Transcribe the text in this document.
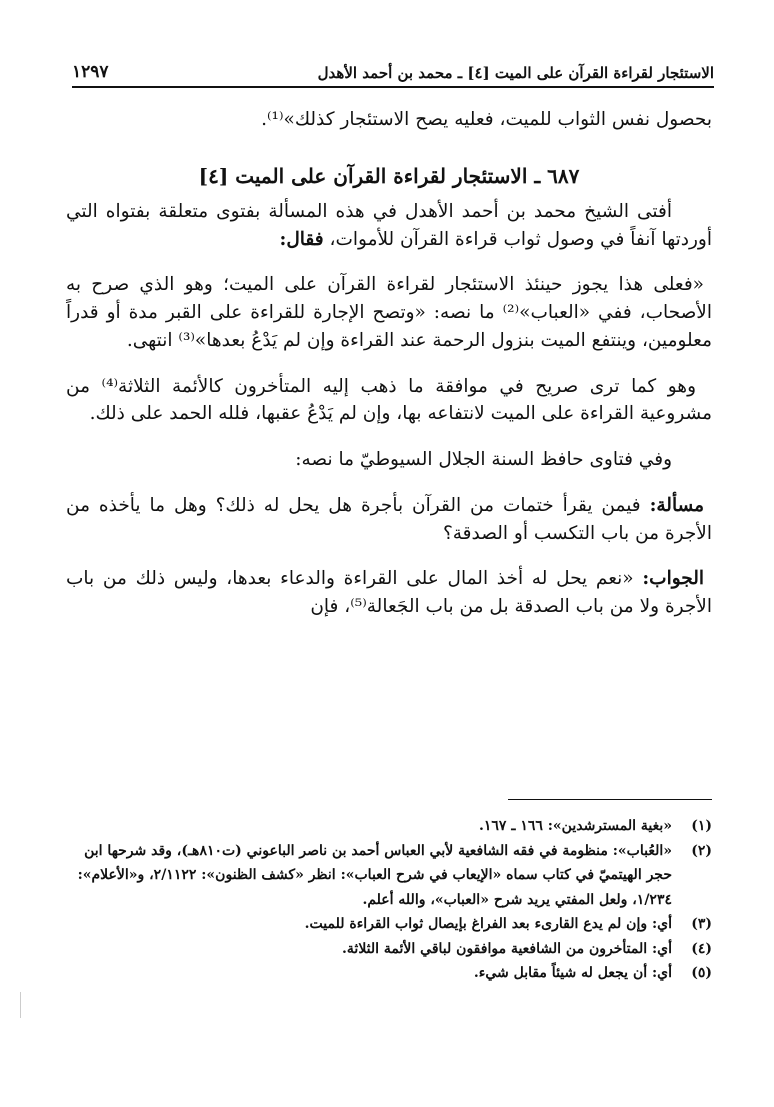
الاستئجار لقراءة القرآن على الميت [٤] ـ محمد بن أحمد الأهدل
١٢٩٧

بحصول نفس الثواب للميت، فعليه يصح الاستئجار كذلك»⁽¹⁾.

٦٨٧ ـ الاستئجار لقراءة القرآن على الميت [٤]

أفتى الشيخ محمد بن أحمد الأهدل في هذه المسألة بفتوى متعلقة بفتواه التي أوردتها آنفاً في وصول ثواب قراءة القرآن للأموات، فقال:

«فعلى هذا يجوز حينئذ الاستئجار لقراءة القرآن على الميت؛ وهو الذي صرح به الأصحاب، ففي «العباب»⁽²⁾ ما نصه: «وتصح الإجارة للقراءة على القبر مدة أو قدراً معلومين، وينتفع الميت بنزول الرحمة عند القراءة وإن لم يَدْعُ بعدها»⁽³⁾ انتهى.

وهو كما ترى صريح في موافقة ما ذهب إليه المتأخرون كالأئمة الثلاثة⁽⁴⁾ من مشروعية القراءة على الميت لانتفاعه بها، وإن لم يَدْعُ عقبها، فلله الحمد على ذلك.

وفي فتاوى حافظ السنة الجلال السيوطيّ ما نصه:

مسألة: فيمن يقرأ ختمات من القرآن بأجرة هل يحل له ذلك؟ وهل ما يأخذه من الأجرة من باب التكسب أو الصدقة؟

الجواب: «نعم يحل له أخذ المال على القراءة والدعاء بعدها، وليس ذلك من باب الأجرة ولا من باب الصدقة بل من باب الجَعالة⁽⁵⁾، فإن

(١)
«بغية المسترشدين»: ١٦٦ ـ ١٦٧.
(٢)
«العُباب»: منظومة في فقه الشافعية لأبي العباس أحمد بن ناصر الباعوني (ت٨١٠هـ)، وقد شرحها ابن حجر الهيتميّ في كتاب سماه «الإيعاب في شرح العباب»: انظر «كشف الظنون»: ٢/١١٢٢، و«الأعلام»: ١/٢٣٤، ولعل المفتي يريد شرح «العباب»، والله أعلم.
(٣)
أي: وإن لم يدع القارىء بعد الفراغ بإيصال ثواب القراءة للميت.
(٤)
أي: المتأخرون من الشافعية موافقون لباقي الأئمة الثلاثة.
(٥)
أي: أن يجعل له شيئاً مقابل شيء.
